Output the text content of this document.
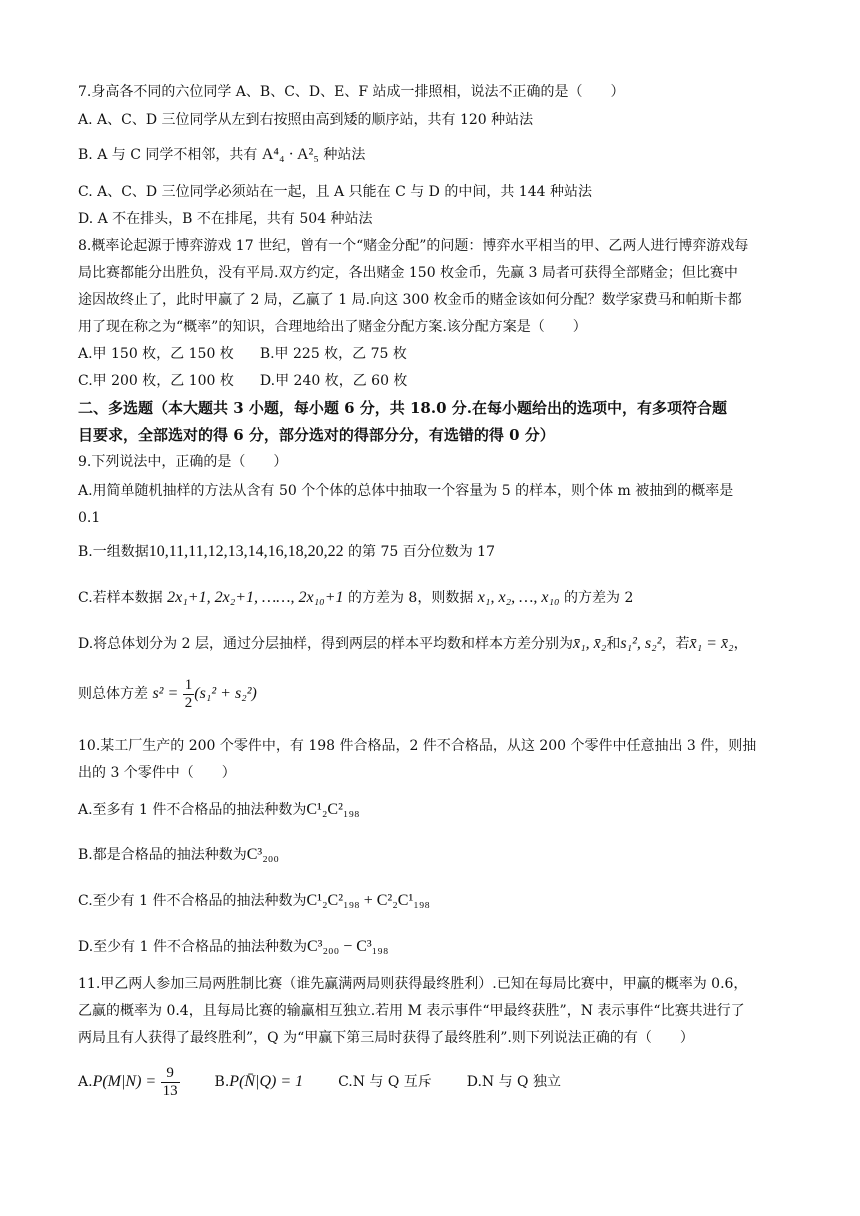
7.身高各不同的六位同学 A、B、C、D、E、F 站成一排照相，说法不正确的是（　　）
A. A、C、D 三位同学从左到右按照由高到矮的顺序站，共有 120 种站法
B. A 与 C 同学不相邻，共有 A⁴₄ · A²₅ 种站法
C. A、C、D 三位同学必须站在一起，且 A 只能在 C 与 D 的中间，共 144 种站法
D. A 不在排头，B 不在排尾，共有 504 种站法
8.概率论起源于博弈游戏 17 世纪，曾有一个“赌金分配”的问题：博弈水平相当的甲、乙两人进行博弈游戏每
局比赛都能分出胜负，没有平局.双方约定，各出赌金 150 枚金币，先赢 3 局者可获得全部赌金；但比赛中
途因故终止了，此时甲赢了 2 局，乙赢了 1 局.向这 300 枚金币的赌金该如何分配？数学家费马和帕斯卡都
用了现在称之为“概率”的知识，合理地给出了赌金分配方案.该分配方案是（　　）
A.甲 150 枚，乙 150 枚 B.甲 225 枚，乙 75 枚
C.甲 200 枚，乙 100 枚 D.甲 240 枚，乙 60 枚
二、多选题（本大题共 3 小题，每小题 6 分，共 18.0 分.在每小题给出的选项中，有多项符合题
目要求，全部选对的得 6 分，部分选对的得部分分，有选错的得 0 分）
9.下列说法中，正确的是（　　）
A.用简单随机抽样的方法从含有 50 个个体的总体中抽取一个容量为 5 的样本，则个体 m 被抽到的概率是
0.1
B.一组数据10,11,11,12,13,14,16,18,20,22 的第 75 百分位数为 17
C.若样本数据 2x₁+1, 2x₂+1, ……, 2x₁₀+1 的方差为 8，则数据 x₁, x₂, …, x₁₀ 的方差为 2
D.将总体划分为 2 层，通过分层抽样，得到两层的样本平均数和样本方差分别为x̄₁, x̄₂和s₁², s₂²，若x̄₁ = x̄₂，
则总体方差 $s^2 = \frac{1}{2} (s_1^2 + s_2^2)$
10.某工厂生产的 200 个零件中，有 198 件合格品，2 件不合格品，从这 200 个零件中任意抽出 3 件，则抽
出的 3 个零件中（　　）
A.至多有 1 件不合格品的抽法种数为C¹₂C²₁₉₈
B.都是合格品的抽法种数为C³₂₀₀
C.至少有 1 件不合格品的抽法种数为C¹₂C²₁₉₈ + C²₂C¹₁₉₈
D.至少有 1 件不合格品的抽法种数为C³₂₀₀ − C³₁₉₈
11.甲乙两人参加三局两胜制比赛（谁先赢满两局则获得最终胜利）.已知在每局比赛中，甲赢的概率为 0.6，
乙赢的概率为 0.4，且每局比赛的输赢相互独立.若用 M 表示事件“甲最终获胜”，N 表示事件“比赛共进行了
两局且有人获得了最终胜利”，Q 为“甲赢下第三局时获得了最终胜利”.则下列说法正确的有（　　）
$A.P(M|N) = \frac{9}{13}$ B.P(N̄|Q) = 1 C.N 与 Q 互斥 D.N 与 Q 独立
